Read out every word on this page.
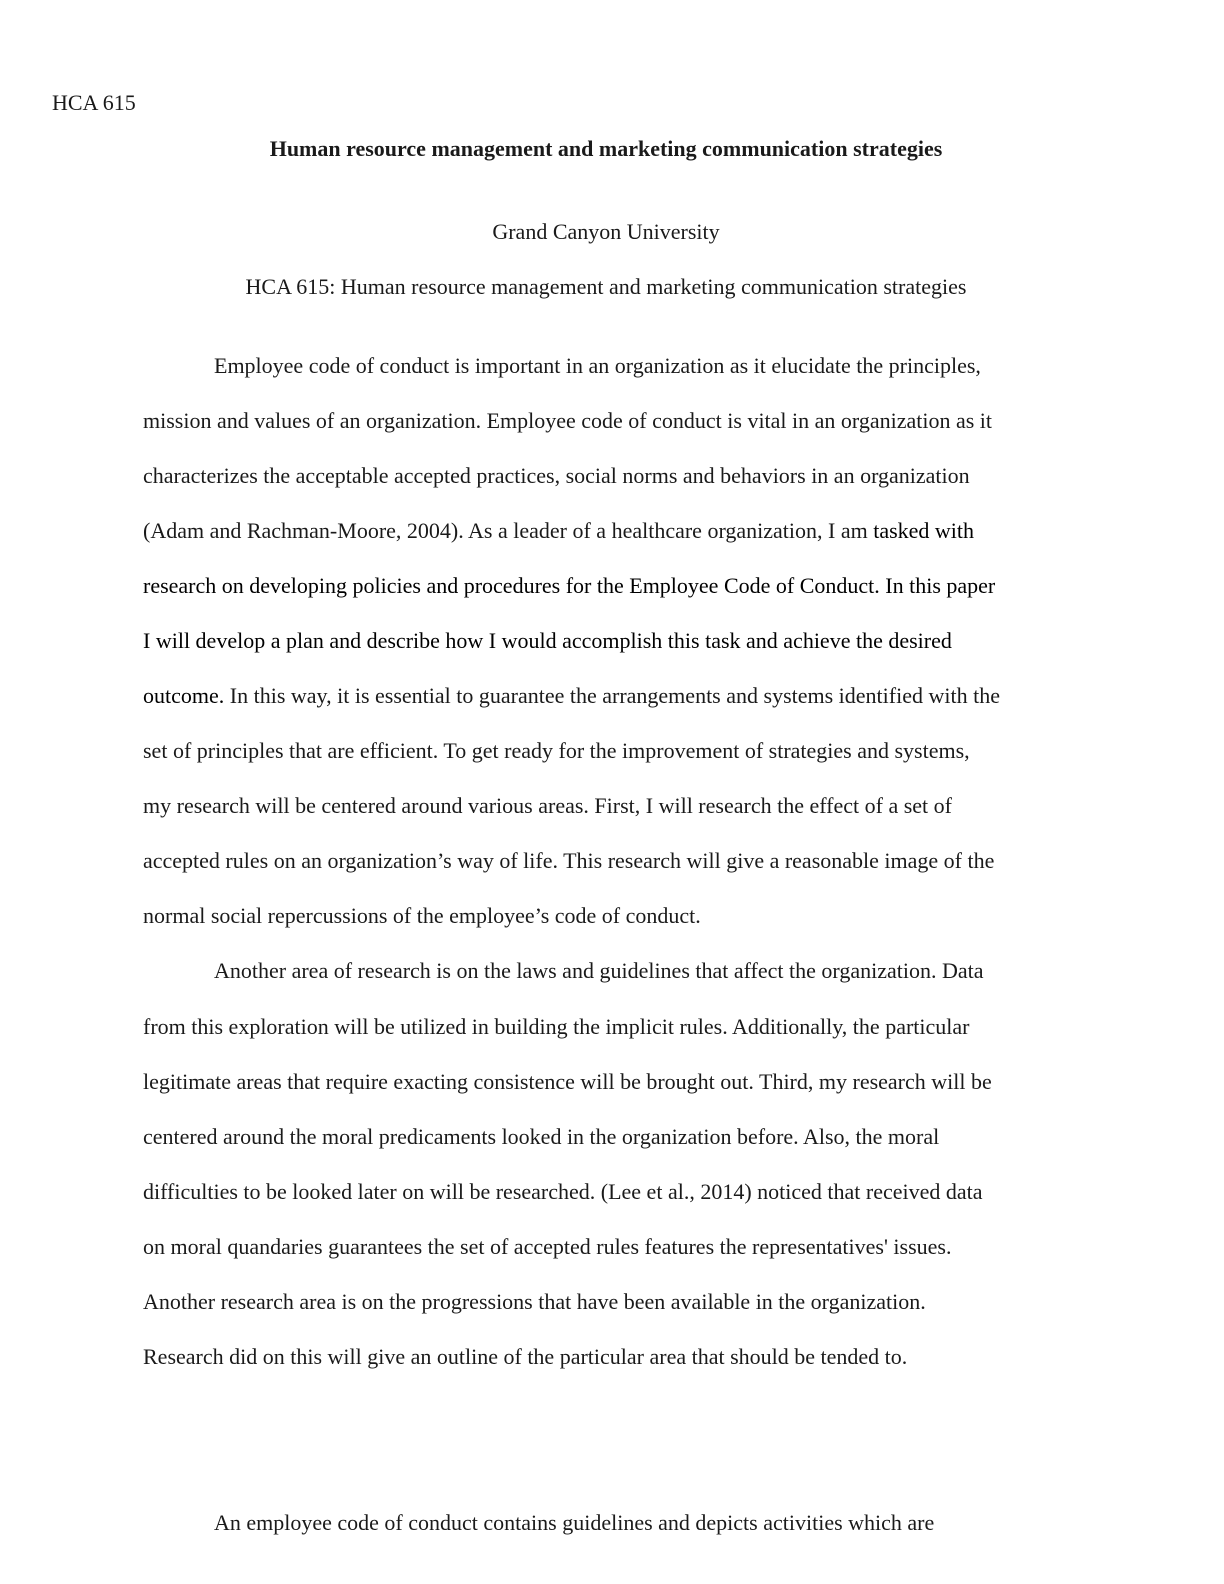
HCA 615
Human resource management and marketing communication strategies
Grand Canyon University
HCA 615: Human resource management and marketing communication strategies
Employee code of conduct is important in an organization as it elucidate the principles,
mission and values of an organization. Employee code of conduct is vital in an organization as it
characterizes the acceptable accepted practices, social norms and behaviors in an organization
(Adam and Rachman-Moore, 2004). As a leader of a healthcare organization, I am tasked with
research on developing policies and procedures for the Employee Code of Conduct. In this paper
I will develop a plan and describe how I would accomplish this task and achieve the desired
outcome. In this way, it is essential to guarantee the arrangements and systems identified with the
set of principles that are efficient. To get ready for the improvement of strategies and systems,
my research will be centered around various areas. First, I will research the effect of a set of
accepted rules on an organization’s way of life. This research will give a reasonable image of the
normal social repercussions of the employee’s code of conduct.
Another area of research is on the laws and guidelines that affect the organization. Data
from this exploration will be utilized in building the implicit rules. Additionally, the particular
legitimate areas that require exacting consistence will be brought out. Third, my research will be
centered around the moral predicaments looked in the organization before. Also, the moral
difficulties to be looked later on will be researched. (Lee et al., 2014) noticed that received data
on moral quandaries guarantees the set of accepted rules features the representatives' issues.
Another research area is on the progressions that have been available in the organization.
Research did on this will give an outline of the particular area that should be tended to.
An employee code of conduct contains guidelines and depicts activities which are
